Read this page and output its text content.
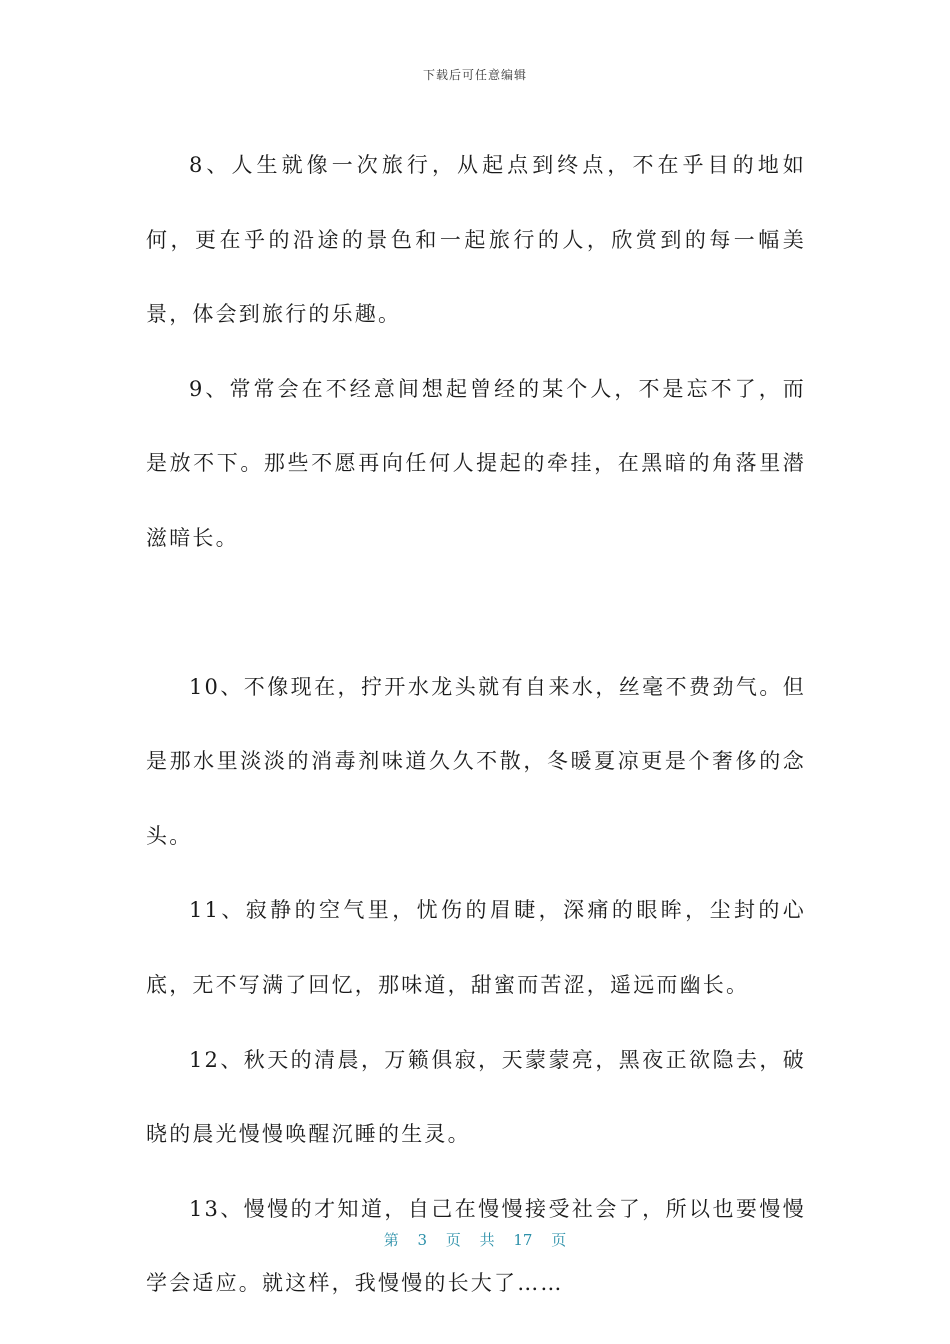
下载后可任意编辑

8、人生就像一次旅行，从起点到终点，不在乎目的地如何，更在乎的沿途的景色和一起旅行的人，欣赏到的每一幅美景，体会到旅行的乐趣。

9、常常会在不经意间想起曾经的某个人，不是忘不了，而是放不下。那些不愿再向任何人提起的牵挂，在黑暗的角落里潜滋暗长。

10、不像现在，拧开水龙头就有自来水，丝毫不费劲气。但是那水里淡淡的消毒剂味道久久不散，冬暖夏凉更是个奢侈的念头。

11、寂静的空气里，忧伤的眉睫，深痛的眼眸，尘封的心底，无不写满了回忆，那味道，甜蜜而苦涩，遥远而幽长。

12、秋天的清晨，万籁俱寂，天蒙蒙亮，黑夜正欲隐去，破晓的晨光慢慢唤醒沉睡的生灵。

13、慢慢的才知道，自己在慢慢接受社会了，所以也要慢慢学会适应。就这样，我慢慢的长大了……

第 3 页 共 17 页
